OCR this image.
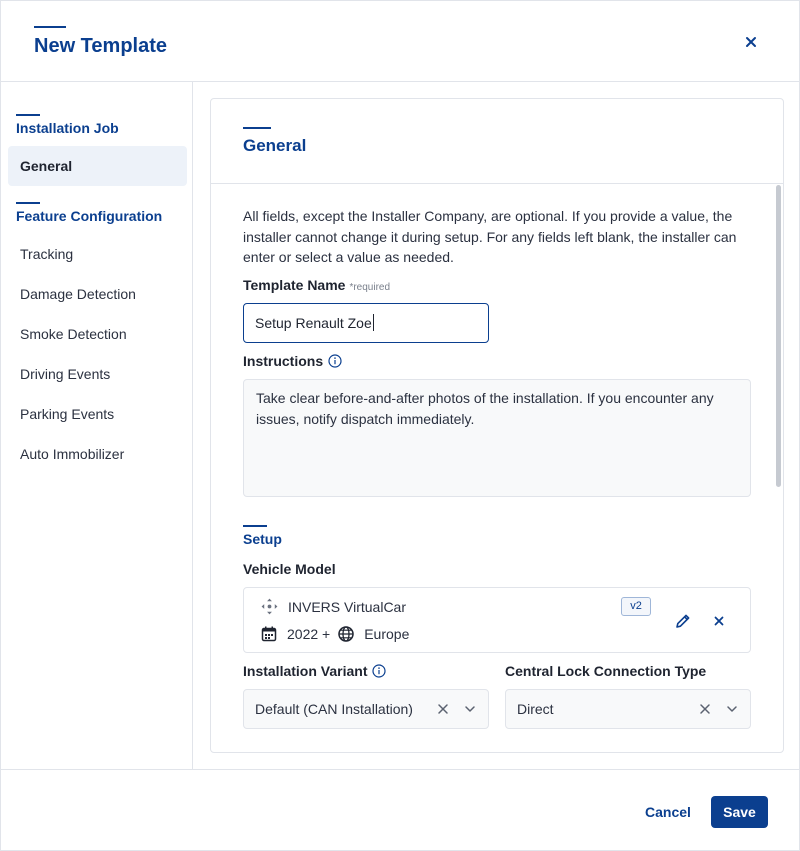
New Template
Installation Job
General
Feature Configuration
Tracking
Damage Detection
Smoke Detection
Driving Events
Parking Events
Auto Immobilizer
General
All fields, except the Installer Company, are optional. If you provide a value, the installer cannot change it during setup. For any fields left blank, the installer can enter or select a value as needed.
Template Name *required
Setup Renault Zoe
Instructions
Take clear before-and-after photos of the installation. If you encounter any issues, notify dispatch immediately.
Setup
Vehicle Model
INVERS VirtualCar	v2
2022 + Europe
Installation Variant
Default (CAN Installation)
Central Lock Connection Type
Direct
Cancel	Save
